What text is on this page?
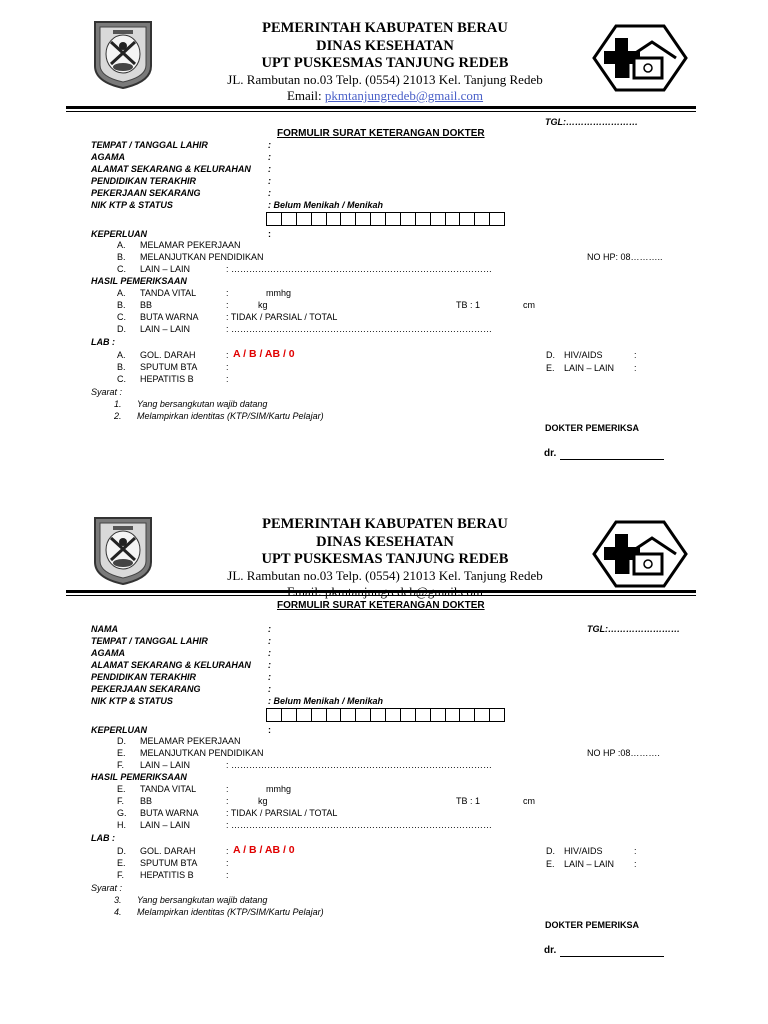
PEMERINTAH KABUPATEN BERAU
DINAS KESEHATAN
UPT PUSKESMAS TANJUNG REDEB
JL. Rambutan no.03 Telp. (0554) 21013 Kel. Tanjung Redeb
Email: pkmtanjungredeb@gmail.com
TGL:……………………
FORMULIR SURAT KETERANGAN DOKTER
TEMPAT / TANGGAL LAHIR	:
AGAMA	:
ALAMAT SEKARANG & KELURAHAN :
PENDIDIKAN TERAKHIR	:
PEKERJAAN SEKARANG	:
NIK KTP & STATUS	: Belum Menikah / Menikah
KEPERLUAN	:
A. MELAMAR PEKERJAAN
B. MELANJUTKAN PENDIDIKAN
C. LAIN – LAIN	: ……………………………………………………………………………
NO HP: 08………..
HASIL PEMERIKSAAN
A. TANDA VITAL	:	mmhg
B. BB	:	kg	TB : 1	cm
C. BUTA WARNA	: TIDAK / PARSIAL / TOTAL
D. LAIN – LAIN	: ……………………………………………………………………………
LAB :
A. GOL. DARAH	: A / B / AB / 0
B. SPUTUM BTA	:
C. HEPATITIS B	:
D. HIV/AIDS	:
E. LAIN – LAIN :
Syarat :
1. Yang bersangkutan wajib datang
2. Melampirkan identitas (KTP/SIM/Kartu Pelajar)
DOKTER PEMERIKSA
dr.
PEMERINTAH KABUPATEN BERAU
DINAS KESEHATAN
UPT PUSKESMAS TANJUNG REDEB
JL. Rambutan no.03 Telp. (0554) 21013 Kel. Tanjung Redeb
FORMULIR SURAT KETERANGAN DOKTER
NAMA	:	TGL:……………………
TEMPAT / TANGGAL LAHIR	:
AGAMA	:
ALAMAT SEKARANG & KELURAHAN :
PENDIDIKAN TERAKHIR	:
PEKERJAAN SEKARANG	:
NIK KTP & STATUS	: Belum Menikah / Menikah
KEPERLUAN	:
D. MELAMAR PEKERJAAN
E. MELANJUTKAN PENDIDIKAN
F. LAIN – LAIN	: ……………………………………………………………………………
NO HP :08……….
HASIL PEMERIKSAAN
E. TANDA VITAL	:	mmhg
F. BB	:	kg	TB : 1	cm
G. BUTA WARNA	: TIDAK / PARSIAL / TOTAL
H. LAIN – LAIN	: ……………………………………………………………………………
LAB :
D. GOL. DARAH	: A / B / AB / 0
E. SPUTUM BTA	:
F. HEPATITIS B	:
D. HIV/AIDS	:
E. LAIN – LAIN :
Syarat :
3. Yang bersangkutan wajib datang
4. Melampirkan identitas (KTP/SIM/Kartu Pelajar)
DOKTER PEMERIKSA
dr.
